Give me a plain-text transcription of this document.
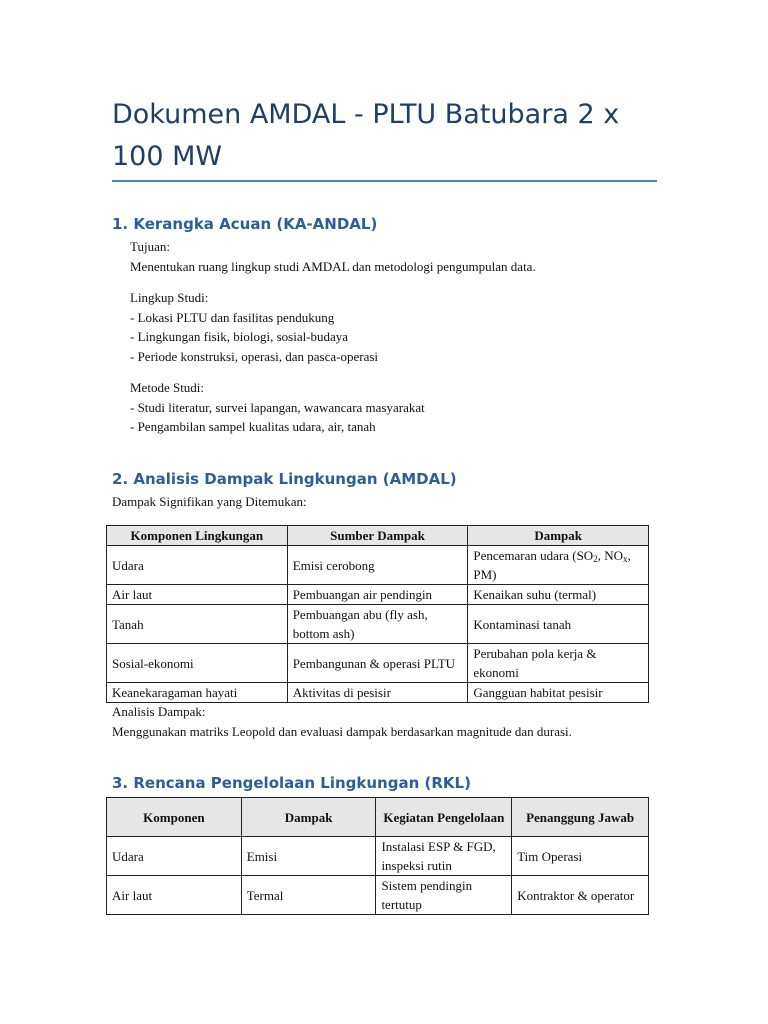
Dokumen AMDAL - PLTU Batubara 2 x 100 MW
1. Kerangka Acuan (KA-ANDAL)
Tujuan:
Menentukan ruang lingkup studi AMDAL dan metodologi pengumpulan data.
Lingkup Studi:
- Lokasi PLTU dan fasilitas pendukung
- Lingkungan fisik, biologi, sosial-budaya
- Periode konstruksi, operasi, dan pasca-operasi
Metode Studi:
- Studi literatur, survei lapangan, wawancara masyarakat
- Pengambilan sampel kualitas udara, air, tanah
2. Analisis Dampak Lingkungan (AMDAL)
Dampak Signifikan yang Ditemukan:
Komponen Lingkungan	Sumber Dampak	Dampak
Udara	Emisi cerobong	Pencemaran udara ($SO_2$, $NO_x$, PM)
Air laut	Pembuangan air pendingin	Kenaikan suhu (termal)
Tanah	Pembuangan abu (fly ash, bottom ash)	Kontaminasi tanah
Sosial-ekonomi	Pembangunan & operasi PLTU	Perubahan pola kerja & ekonomi
Keanekaragaman hayati	Aktivitas di pesisir	Gangguan habitat pesisir
Analisis Dampak:
Menggunakan matriks Leopold dan evaluasi dampak berdasarkan magnitude dan durasi.
3. Rencana Pengelolaan Lingkungan (RKL)
Komponen	Dampak	Kegiatan Pengelolaan	Penanggung Jawab
Udara	Emisi	Instalasi ESP & FGD, inspeksi rutin	Tim Operasi
Air laut	Termal	Sistem pendingin tertutup	Kontraktor & operator
